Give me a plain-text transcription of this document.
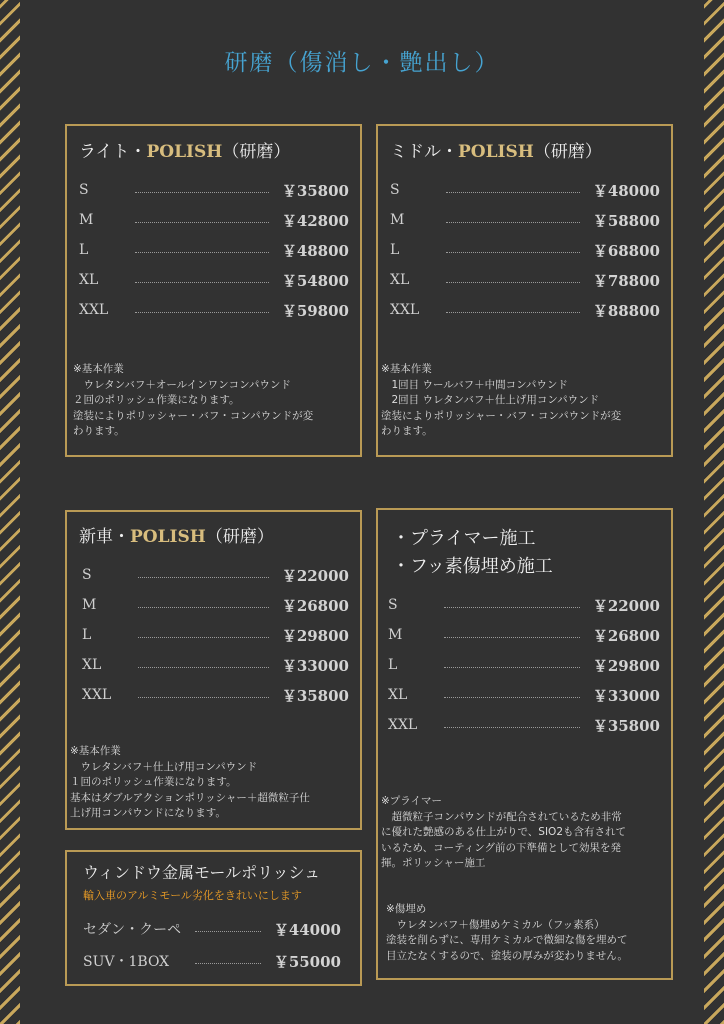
研磨（傷消し・艶出し）
ライト・POLISH（研磨）
S	￥35800
M	￥42800
L	￥48800
XL	￥54800
XXL	￥59800
※基本作業
　ウレタンバフ＋オールインワンコンパウンド
２回のポリッシュ作業になります。
塗装によりポリッシャー・バフ・コンパウンドが変
わります。
ミドル・POLISH（研磨）
S	￥48000
M	￥58800
L	￥68800
XL	￥78800
XXL	￥88800
※基本作業
　1回目 ウールバフ＋中間コンパウンド
　2回目 ウレタンバフ＋仕上げ用コンパウンド
塗装によりポリッシャー・バフ・コンパウンドが変
わります。
新車・POLISH（研磨）
S	￥22000
M	￥26800
L	￥29800
XL	￥33000
XXL	￥35800
※基本作業
　ウレタンバフ＋仕上げ用コンパウンド
１回のポリッシュ作業になります。
基本はダブルアクションポリッシャー＋超微粒子仕
上げ用コンパウンドになります。
・プライマー施工
・フッ素傷埋め施工
S	￥22000
M	￥26800
L	￥29800
XL	￥33000
XXL	￥35800
※プライマー
　超微粒子コンパウンドが配合されているため非常
に優れた艶感のある仕上がりで、SIO2も含有されて
いるため、コーティング前の下準備として効果を発
揮。ポリッシャー施工
※傷埋め
　ウレタンバフ＋傷埋めケミカル（フッ素系）
塗装を削らずに、専用ケミカルで微細な傷を埋めて
目立たなくするので、塗装の厚みが変わりません。
ウィンドウ金属モールポリッシュ
輸入車のアルミモール劣化をきれいにします
セダン・クーペ	￥44000
SUV・1BOX	￥55000
